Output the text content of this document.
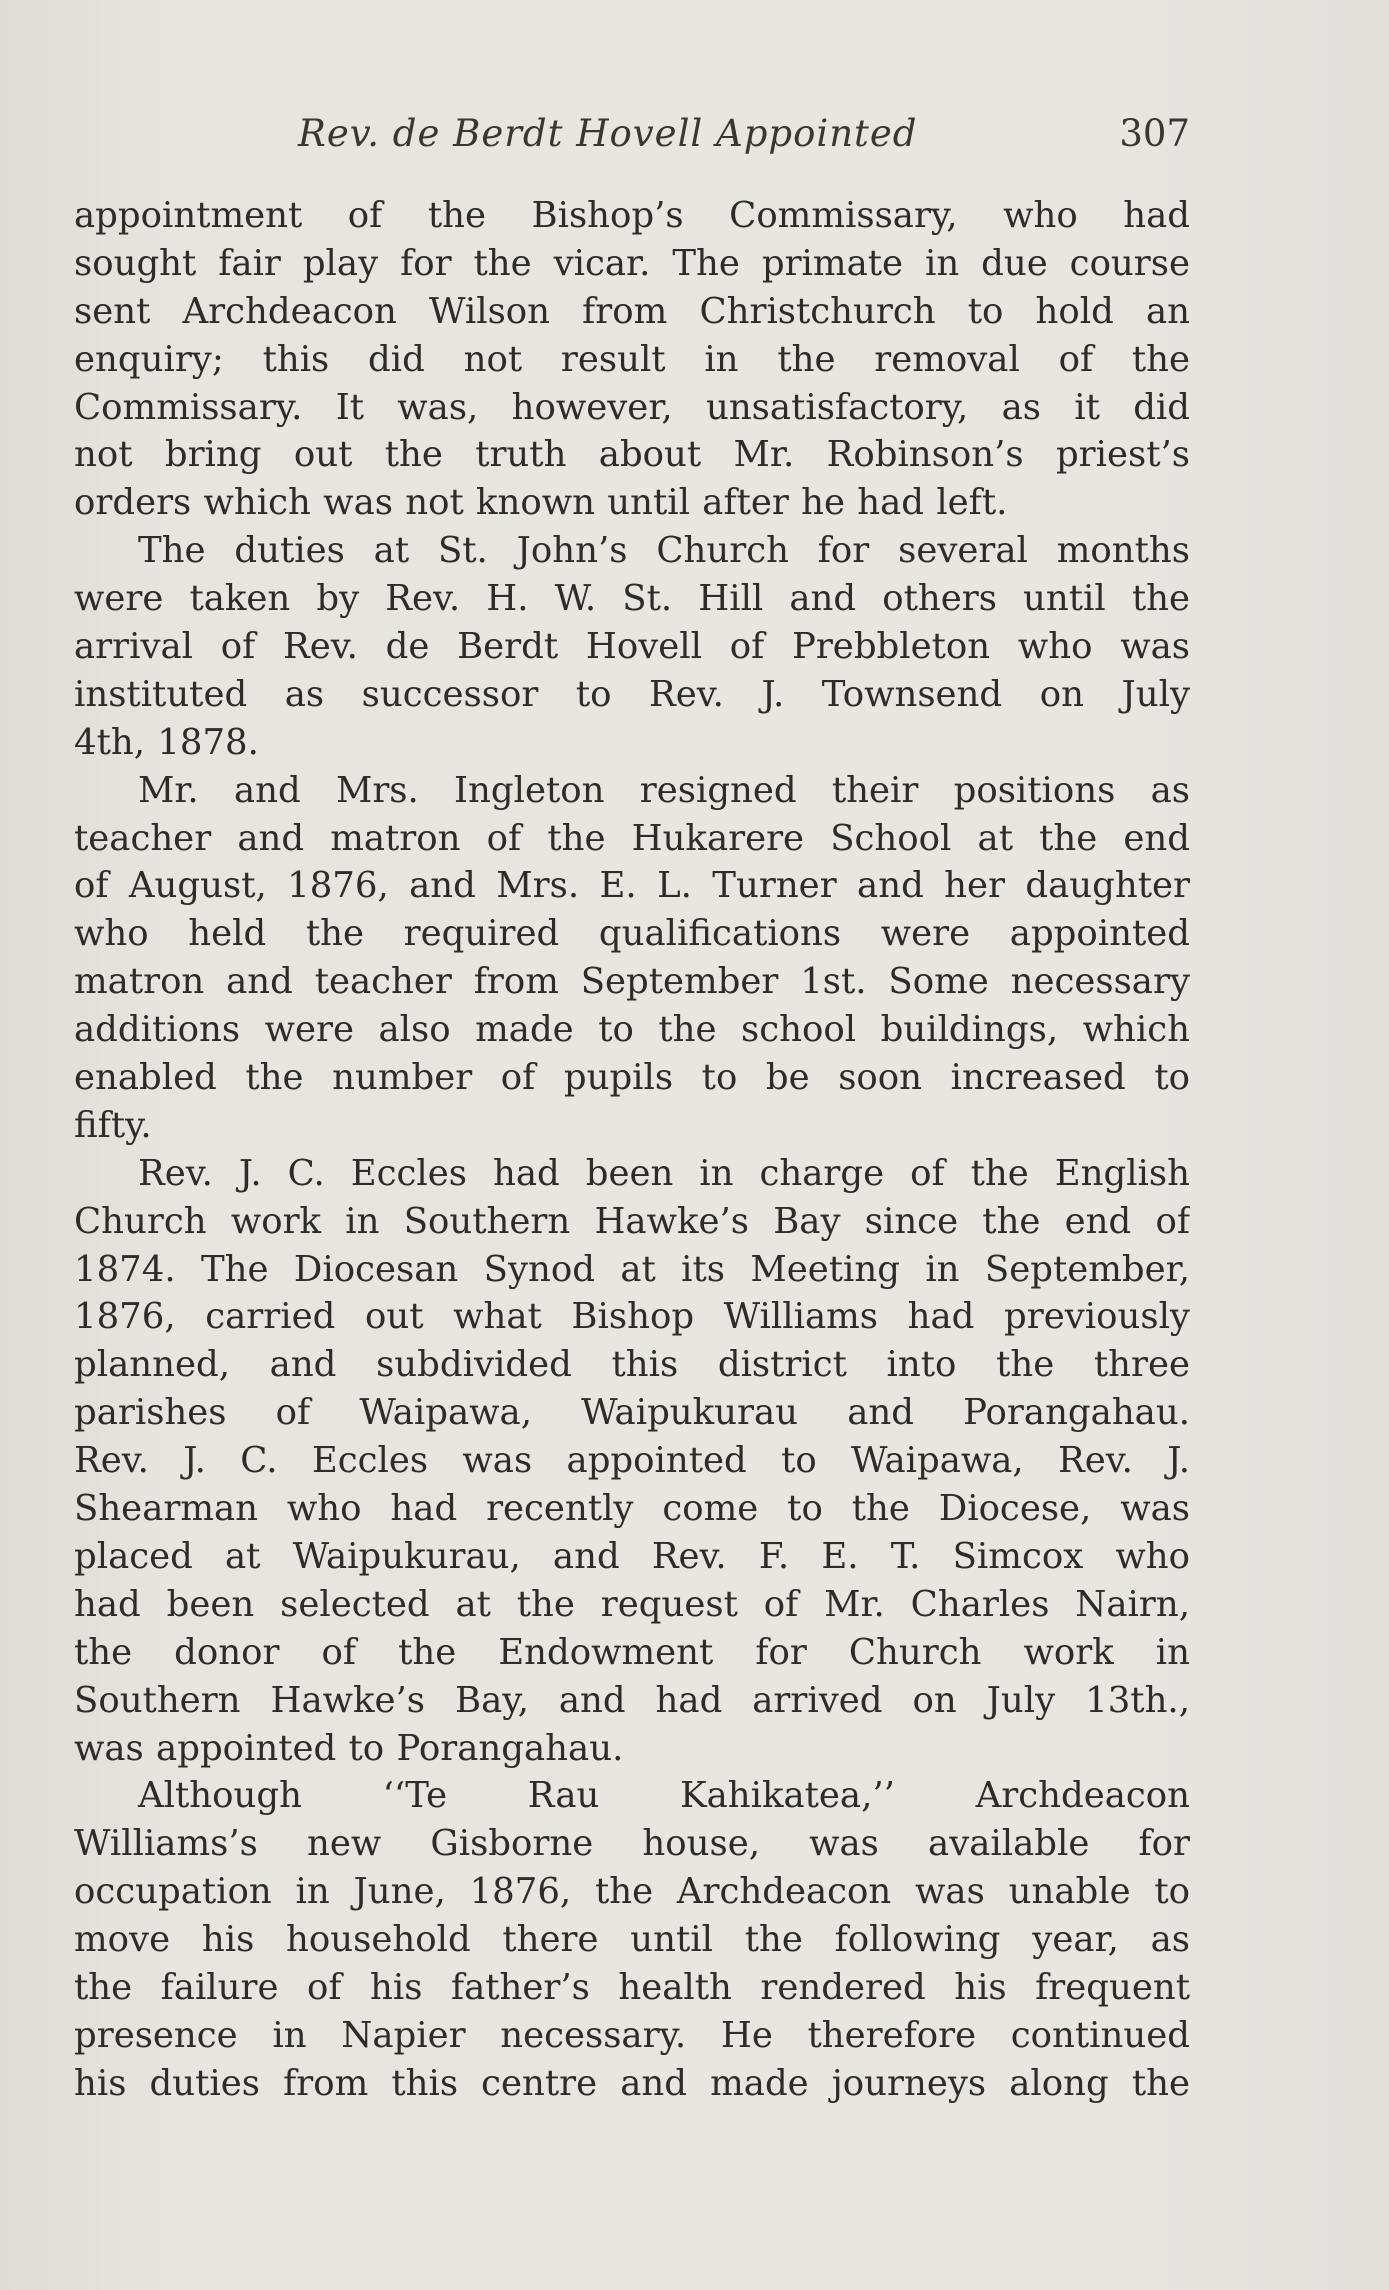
Rev. de Berdt Hovell Appointed	307
appointment of the Bishop’s Commissary, who had
sought fair play for the vicar. The primate in due course
sent Archdeacon Wilson from Christchurch to hold an
enquiry; this did not result in the removal of the
Commissary. It was, however, unsatisfactory, as it did
not bring out the truth about Mr. Robinson’s priest’s
orders which was not known until after he had left.
The duties at St. John’s Church for several months
were taken by Rev. H. W. St. Hill and others until the
arrival of Rev. de Berdt Hovell of Prebbleton who was
instituted as successor to Rev. J. Townsend on July
4th, 1878.
Mr. and Mrs. Ingleton resigned their positions as
teacher and matron of the Hukarere School at the end
of August, 1876, and Mrs. E. L. Turner and her daughter
who held the required qualifications were appointed
matron and teacher from September 1st. Some necessary
additions were also made to the school buildings, which
enabled the number of pupils to be soon increased to
fifty.
Rev. J. C. Eccles had been in charge of the English
Church work in Southern Hawke’s Bay since the end of
1874. The Diocesan Synod at its Meeting in September,
1876, carried out what Bishop Williams had previously
planned, and subdivided this district into the three
parishes of Waipawa, Waipukurau and Porangahau.
Rev. J. C. Eccles was appointed to Waipawa, Rev. J.
Shearman who had recently come to the Diocese, was
placed at Waipukurau, and Rev. F. E. T. Simcox who
had been selected at the request of Mr. Charles Nairn,
the donor of the Endowment for Church work in
Southern Hawke’s Bay, and had arrived on July 13th.,
was appointed to Porangahau.
Although ‘‘Te Rau Kahikatea,’’ Archdeacon
Williams’s new Gisborne house, was available for
occupation in June, 1876, the Archdeacon was unable to
move his household there until the following year, as
the failure of his father’s health rendered his frequent
presence in Napier necessary. He therefore continued
his duties from this centre and made journeys along the
